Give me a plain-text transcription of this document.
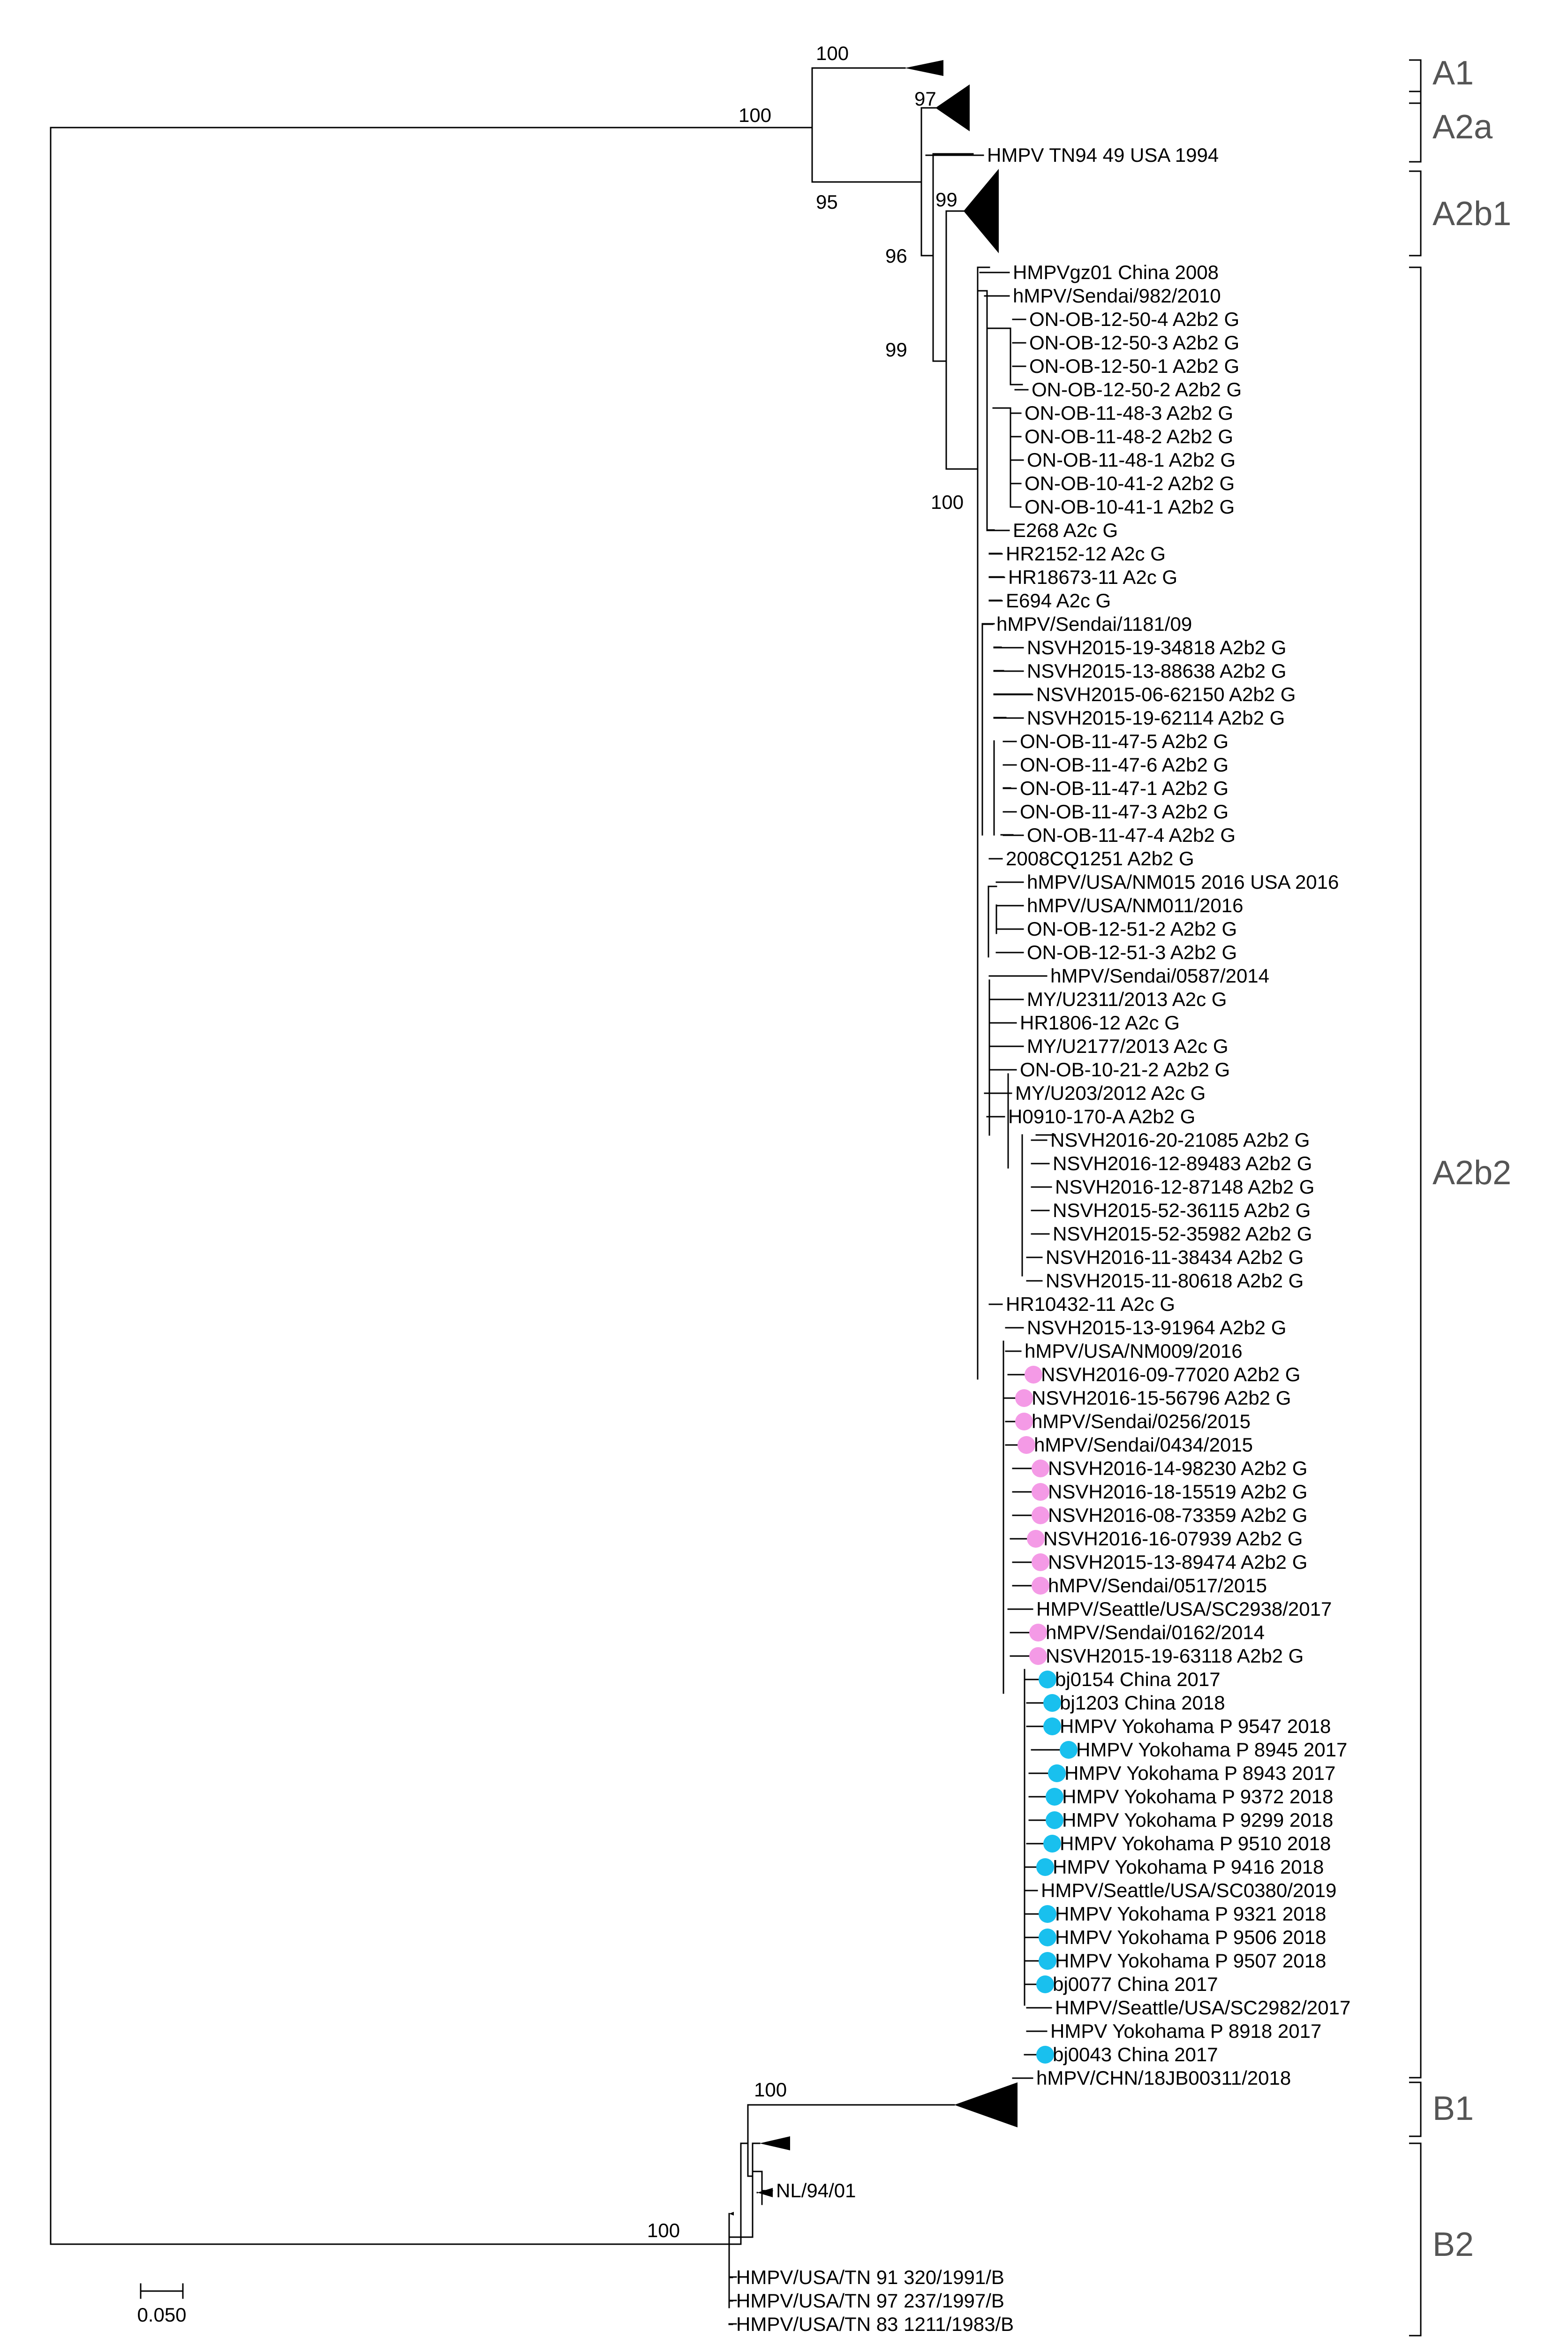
0.050
HMPV TN94 49 USA 1994
HMPVgz01 China 2008
hMPV/Sendai/982/2010
ON-OB-12-50-4 A2b2 G
ON-OB-12-50-3 A2b2 G
ON-OB-12-50-1 A2b2 G
ON-OB-12-50-2 A2b2 G
ON-OB-11-48-3 A2b2 G
ON-OB-11-48-2 A2b2 G
ON-OB-11-48-1 A2b2 G
ON-OB-10-41-2 A2b2 G
ON-OB-10-41-1 A2b2 G
E268 A2c G
HR2152-12 A2c G
HR18673-11 A2c G
E694 A2c G
hMPV/Sendai/1181/09
NSVH2015-19-34818 A2b2 G
NSVH2015-13-88638 A2b2 G
NSVH2015-06-62150 A2b2 G
NSVH2015-19-62114 A2b2 G
ON-OB-11-47-5 A2b2 G
ON-OB-11-47-6 A2b2 G
ON-OB-11-47-1 A2b2 G
ON-OB-11-47-3 A2b2 G
ON-OB-11-47-4 A2b2 G
2008CQ1251 A2b2 G
hMPV/USA/NM015 2016 USA 2016
hMPV/USA/NM011/2016
ON-OB-12-51-2 A2b2 G
ON-OB-12-51-3 A2b2 G
hMPV/Sendai/0587/2014
MY/U2311/2013 A2c G
HR1806-12 A2c G
MY/U2177/2013 A2c G
ON-OB-10-21-2 A2b2 G
MY/U203/2012 A2c G
H0910-170-A A2b2 G
NSVH2016-20-21085 A2b2 G
NSVH2016-12-89483 A2b2 G
NSVH2016-12-87148 A2b2 G
NSVH2015-52-36115 A2b2 G
NSVH2015-52-35982 A2b2 G
NSVH2016-11-38434 A2b2 G
NSVH2015-11-80618 A2b2 G
HR10432-11 A2c G
NSVH2015-13-91964 A2b2 G
hMPV/USA/NM009/2016
NSVH2016-09-77020 A2b2 G
NSVH2016-15-56796 A2b2 G
hMPV/Sendai/0256/2015
hMPV/Sendai/0434/2015
NSVH2016-14-98230 A2b2 G
NSVH2016-18-15519 A2b2 G
NSVH2016-08-73359 A2b2 G
NSVH2016-16-07939 A2b2 G
NSVH2015-13-89474 A2b2 G
hMPV/Sendai/0517/2015
HMPV/Seattle/USA/SC2938/2017
hMPV/Sendai/0162/2014
NSVH2015-19-63118 A2b2 G
bj0154 China 2017
bj1203 China 2018
HMPV Yokohama P 9547 2018
HMPV Yokohama P 8945 2017
HMPV Yokohama P 8943 2017
HMPV Yokohama P 9372 2018
HMPV Yokohama P 9299 2018
HMPV Yokohama P 9510 2018
HMPV Yokohama P 9416 2018
HMPV/Seattle/USA/SC0380/2019
HMPV Yokohama P 9321 2018
HMPV Yokohama P 9506 2018
HMPV Yokohama P 9507 2018
bj0077 China 2017
HMPV/Seattle/USA/SC2982/2017
HMPV Yokohama P 8918 2017
bj0043 China 2017
hMPV/CHN/18JB00311/2018
NL/94/01
HMPV/USA/TN 91 320/1991/B
HMPV/USA/TN 97 237/1997/B
HMPV/USA/TN 83 1211/1983/B
A1
A2a
A2b1
A2b2
B1
B2
100
100
95
97
99
96
99
100
100
100
